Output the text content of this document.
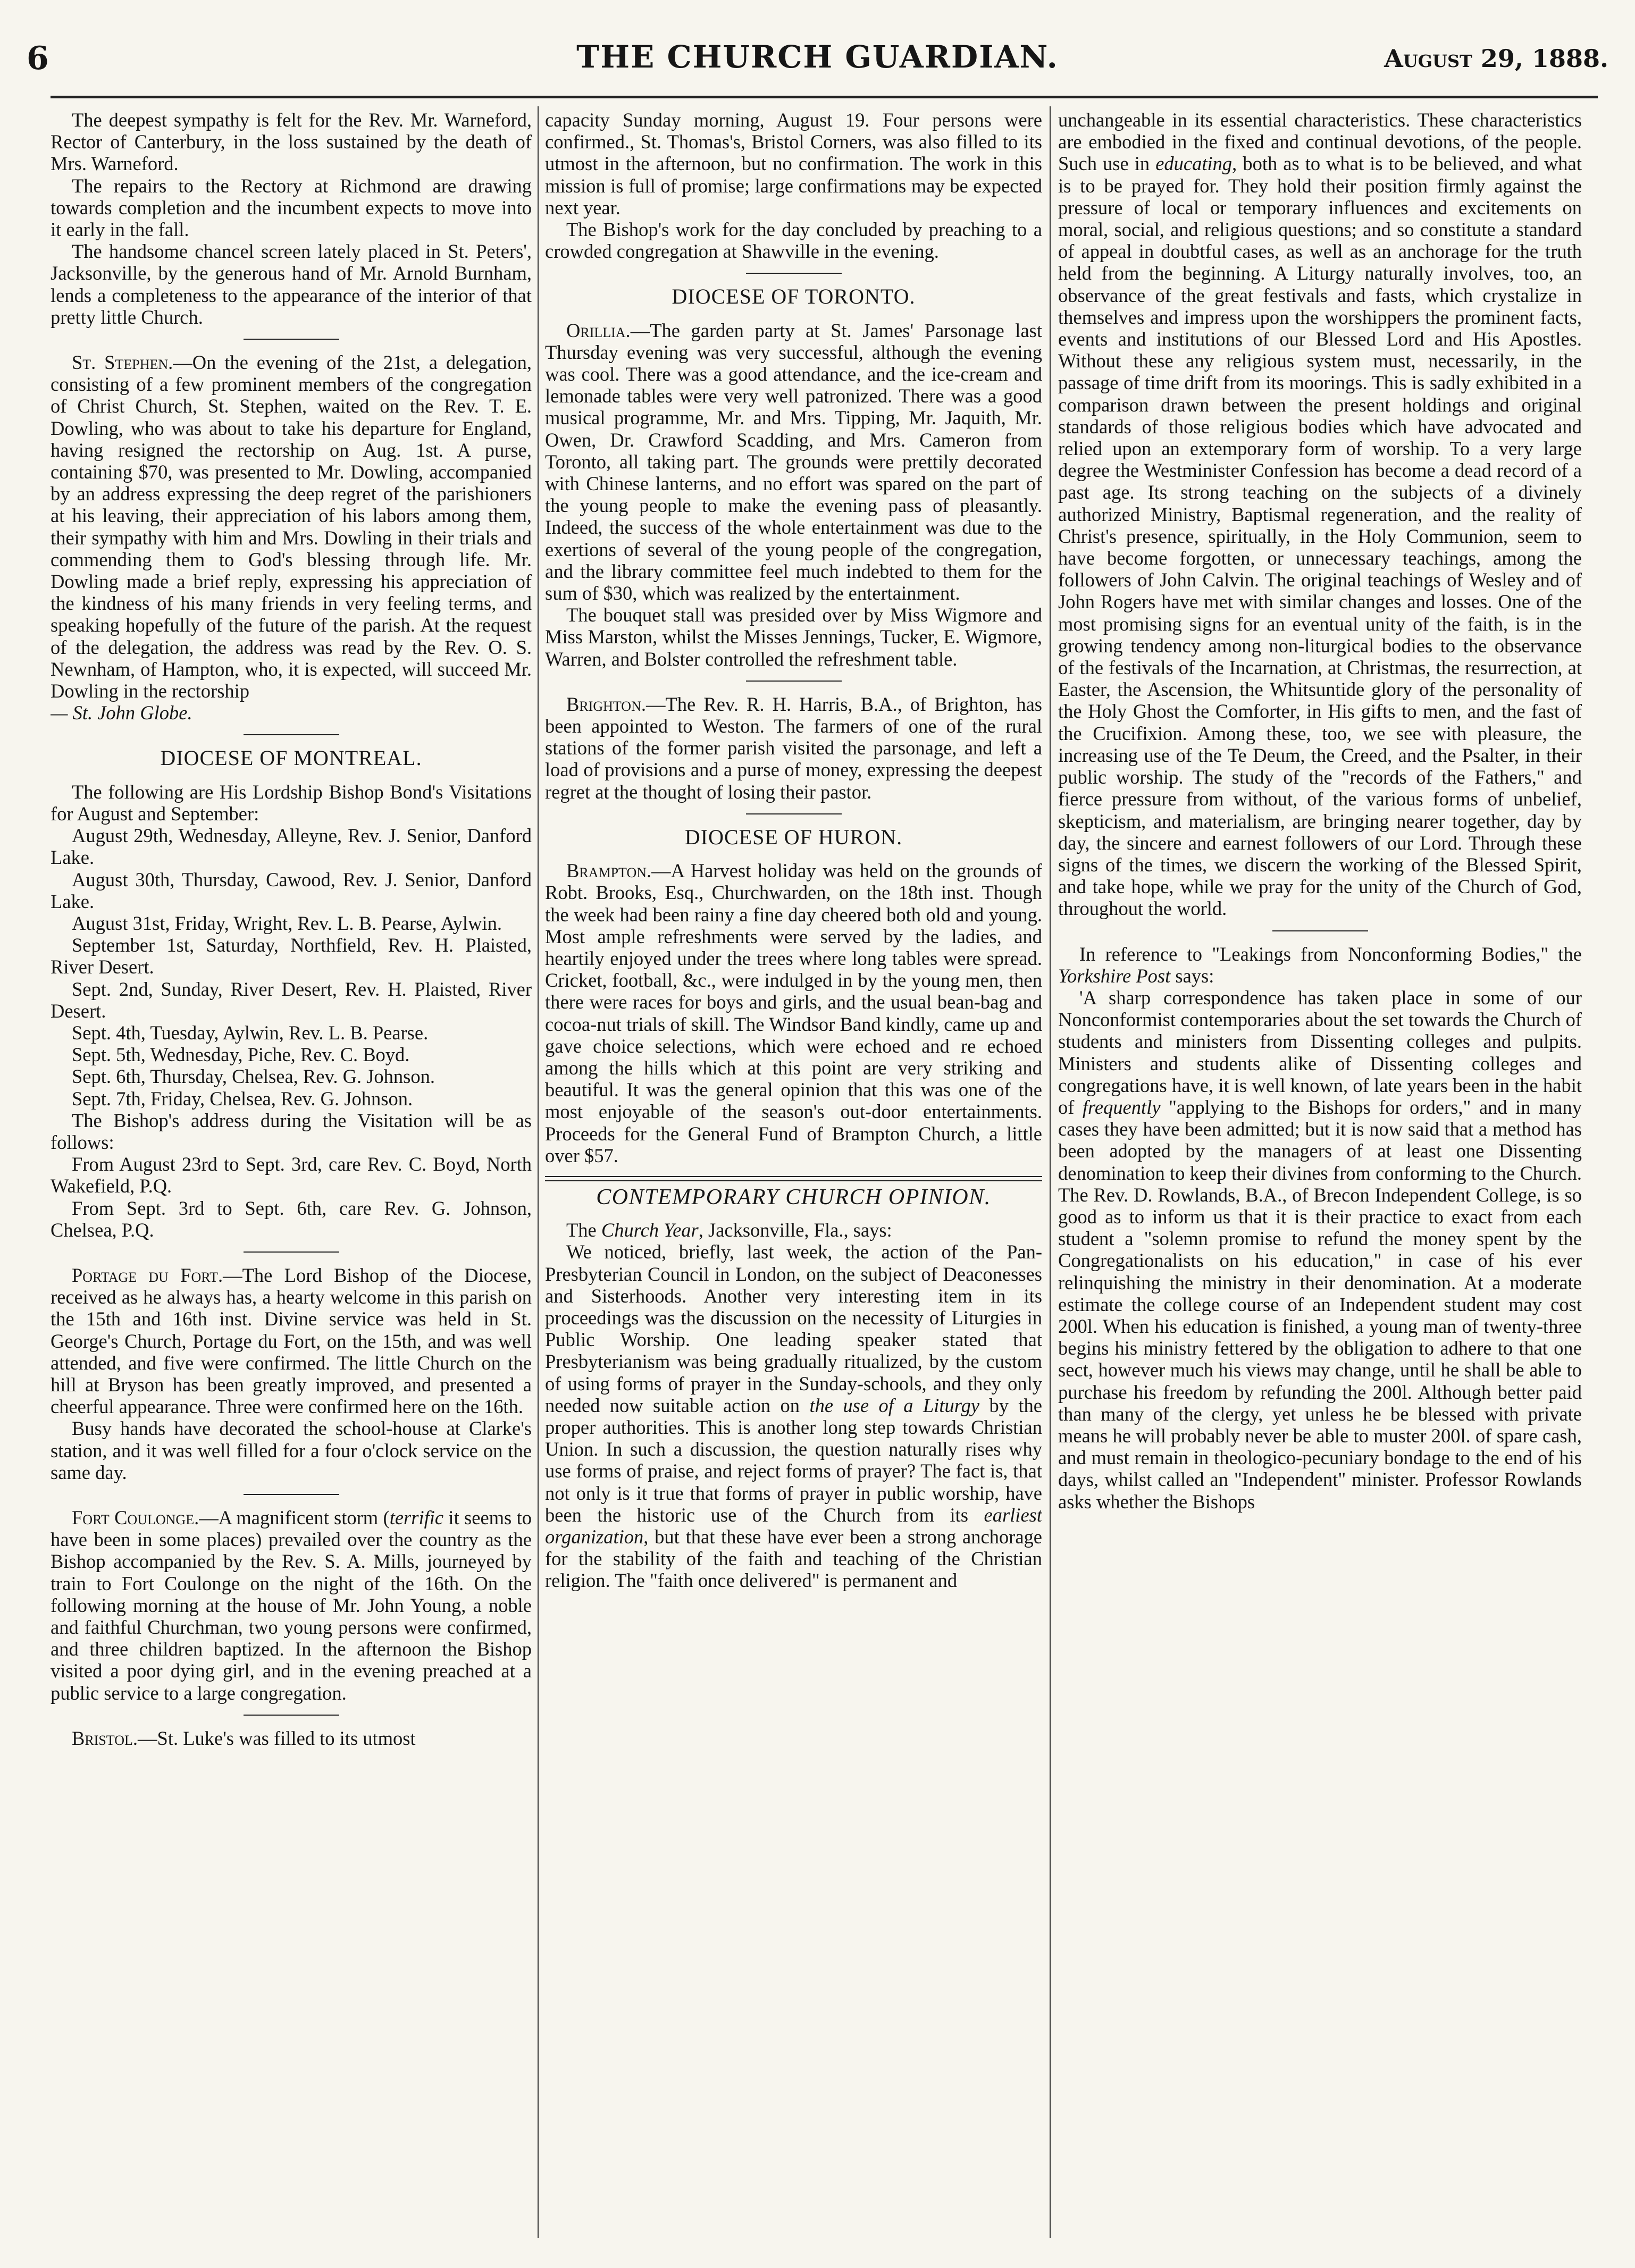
6	THE CHURCH GUARDIAN.	August 29, 1888.

The deepest sympathy is felt for the Rev. Mr. Warneford, Rector of Canterbury, in the loss sustained by the death of Mrs. Warneford.

The repairs to the Rectory at Richmond are drawing towards completion and the incumbent expects to move into it early in the fall.

The handsome chancel screen lately placed in St. Peters', Jacksonville, by the generous hand of Mr. Arnold Burnham, lends a completeness to the appearance of the interior of that pretty little Church.

St. Stephen.—On the evening of the 21st, a delegation, consisting of a few prominent members of the congregation of Christ Church, St. Stephen, waited on the Rev. T. E. Dowling, who was about to take his departure for England, having resigned the rectorship on Aug. 1st. A purse, containing $70, was presented to Mr. Dowling, accompanied by an address expressing the deep regret of the parishioners at his leaving, their appreciation of his labors among them, their sympathy with him and Mrs. Dowling in their trials and commending them to God's blessing through life. Mr. Dowling made a brief reply, expressing his appreciation of the kindness of his many friends in very feeling terms, and speaking hopefully of the future of the parish. At the request of the delegation, the address was read by the Rev. O. S. Newnham, of Hampton, who, it is expected, will succeed Mr. Dowling in the rectorship
— St. John Globe.

DIOCESE OF MONTREAL.

The following are His Lordship Bishop Bond's Visitations for August and September:

August 29th, Wednesday, Alleyne, Rev. J. Senior, Danford Lake.

August 30th, Thursday, Cawood, Rev. J. Senior, Danford Lake.

August 31st, Friday, Wright, Rev. L. B. Pearse, Aylwin.

September 1st, Saturday, Northfield, Rev. H. Plaisted, River Desert.

Sept. 2nd, Sunday, River Desert, Rev. H. Plaisted, River Desert.

Sept. 4th, Tuesday, Aylwin, Rev. L. B. Pearse.

Sept. 5th, Wednesday, Piche, Rev. C. Boyd.

Sept. 6th, Thursday, Chelsea, Rev. G. Johnson.

Sept. 7th, Friday, Chelsea, Rev. G. Johnson.

The Bishop's address during the Visitation will be as follows:

From August 23rd to Sept. 3rd, care Rev. C. Boyd, North Wakefield, P.Q.

From Sept. 3rd to Sept. 6th, care Rev. G. Johnson, Chelsea, P.Q.

Portage du Fort.—The Lord Bishop of the Diocese, received as he always has, a hearty welcome in this parish on the 15th and 16th inst. Divine service was held in St. George's Church, Portage du Fort, on the 15th, and was well attended, and five were confirmed. The little Church on the hill at Bryson has been greatly improved, and presented a cheerful appearance. Three were confirmed here on the 16th.

Busy hands have decorated the school-house at Clarke's station, and it was well filled for a four o'clock service on the same day.

Fort Coulonge.—A magnificent storm (terrific it seems to have been in some places) prevailed over the country as the Bishop accompanied by the Rev. S. A. Mills, journeyed by train to Fort Coulonge on the night of the 16th. On the following morning at the house of Mr. John Young, a noble and faithful Churchman, two young persons were confirmed, and three children baptized. In the afternoon the Bishop visited a poor dying girl, and in the evening preached at a public service to a large congregation.

Bristol.—St. Luke's was filled to its utmost

capacity Sunday morning, August 19. Four persons were confirmed., St. Thomas's, Bristol Corners, was also filled to its utmost in the afternoon, but no confirmation. The work in this mission is full of promise; large confirmations may be expected next year.

The Bishop's work for the day concluded by preaching to a crowded congregation at Shawville in the evening.

DIOCESE OF TORONTO.

Orillia.—The garden party at St. James' Parsonage last Thursday evening was very successful, although the evening was cool. There was a good attendance, and the ice-cream and lemonade tables were very well patronized. There was a good musical programme, Mr. and Mrs. Tipping, Mr. Jaquith, Mr. Owen, Dr. Crawford Scadding, and Mrs. Cameron from Toronto, all taking part. The grounds were prettily decorated with Chinese lanterns, and no effort was spared on the part of the young people to make the evening pass of pleasantly. Indeed, the success of the whole entertainment was due to the exertions of several of the young people of the congregation, and the library committee feel much indebted to them for the sum of $30, which was realized by the entertainment.

The bouquet stall was presided over by Miss Wigmore and Miss Marston, whilst the Misses Jennings, Tucker, E. Wigmore, Warren, and Bolster controlled the refreshment table.

Brighton.—The Rev. R. H. Harris, B.A., of Brighton, has been appointed to Weston. The farmers of one of the rural stations of the former parish visited the parsonage, and left a load of provisions and a purse of money, expressing the deepest regret at the thought of losing their pastor.

DIOCESE OF HURON.

Brampton.—A Harvest holiday was held on the grounds of Robt. Brooks, Esq., Churchwarden, on the 18th inst. Though the week had been rainy a fine day cheered both old and young. Most ample refreshments were served by the ladies, and heartily enjoyed under the trees where long tables were spread. Cricket, football, &c., were indulged in by the young men, then there were races for boys and girls, and the usual bean-bag and cocoa-nut trials of skill. The Windsor Band kindly, came up and gave choice selections, which were echoed and re echoed among the hills which at this point are very striking and beautiful. It was the general opinion that this was one of the most enjoyable of the season's out-door entertainments. Proceeds for the General Fund of Brampton Church, a little over $57.

CONTEMPORARY CHURCH OPINION.

The Church Year, Jacksonville, Fla., says:

We noticed, briefly, last week, the action of the Pan-Presbyterian Council in London, on the subject of Deaconesses and Sisterhoods. Another very interesting item in its proceedings was the discussion on the necessity of Liturgies in Public Worship. One leading speaker stated that Presbyterianism was being gradually ritualized, by the custom of using forms of prayer in the Sunday-schools, and they only needed now suitable action on the use of a Liturgy by the proper authorities. This is another long step towards Christian Union. In such a discussion, the question naturally rises why use forms of praise, and reject forms of prayer? The fact is, that not only is it true that forms of prayer in public worship, have been the historic use of the Church from its earliest organization, but that these have ever been a strong anchorage for the stability of the faith and teaching of the Christian religion. The "faith once delivered" is permanent and

unchangeable in its essential characteristics. These characteristics are embodied in the fixed and continual devotions, of the people. Such use in educating, both as to what is to be believed, and what is to be prayed for. They hold their position firmly against the pressure of local or temporary influences and excitements on moral, social, and religious questions; and so constitute a standard of appeal in doubtful cases, as well as an anchorage for the truth held from the beginning. A Liturgy naturally involves, too, an observance of the great festivals and fasts, which crystalize in themselves and impress upon the worshippers the prominent facts, events and institutions of our Blessed Lord and His Apostles. Without these any religious system must, necessarily, in the passage of time drift from its moorings. This is sadly exhibited in a comparison drawn between the present holdings and original standards of those religious bodies which have advocated and relied upon an extemporary form of worship. To a very large degree the Westminister Confession has become a dead record of a past age. Its strong teaching on the subjects of a divinely authorized Ministry, Baptismal regeneration, and the reality of Christ's presence, spiritually, in the Holy Communion, seem to have become forgotten, or unnecessary teachings, among the followers of John Calvin. The original teachings of Wesley and of John Rogers have met with similar changes and losses. One of the most promising signs for an eventual unity of the faith, is in the growing tendency among non-liturgical bodies to the observance of the festivals of the Incarnation, at Christmas, the resurrection, at Easter, the Ascension, the Whitsuntide glory of the personality of the Holy Ghost the Comforter, in His gifts to men, and the fast of the Crucifixion. Among these, too, we see with pleasure, the increasing use of the Te Deum, the Creed, and the Psalter, in their public worship. The study of the "records of the Fathers," and fierce pressure from without, of the various forms of unbelief, skepticism, and materialism, are bringing nearer together, day by day, the sincere and earnest followers of our Lord. Through these signs of the times, we discern the working of the Blessed Spirit, and take hope, while we pray for the unity of the Church of God, throughout the world.

In reference to "Leakings from Nonconforming Bodies," the Yorkshire Post says:

'A sharp correspondence has taken place in some of our Nonconformist contemporaries about the set towards the Church of students and ministers from Dissenting colleges and pulpits. Ministers and students alike of Dissenting colleges and congregations have, it is well known, of late years been in the habit of frequently "applying to the Bishops for orders," and in many cases they have been admitted; but it is now said that a method has been adopted by the managers of at least one Dissenting denomination to keep their divines from conforming to the Church. The Rev. D. Rowlands, B.A., of Brecon Independent College, is so good as to inform us that it is their practice to exact from each student a "solemn promise to refund the money spent by the Congregationalists on his education," in case of his ever relinquishing the ministry in their denomination. At a moderate estimate the college course of an Independent student may cost 200l. When his education is finished, a young man of twenty-three begins his ministry fettered by the obligation to adhere to that one sect, however much his views may change, until he shall be able to purchase his freedom by refunding the 200l. Although better paid than many of the clergy, yet unless he be blessed with private means he will probably never be able to muster 200l. of spare cash, and must remain in theologico-pecuniary bondage to the end of his days, whilst called an "Independent" minister. Professor Rowlands asks whether the Bishops
